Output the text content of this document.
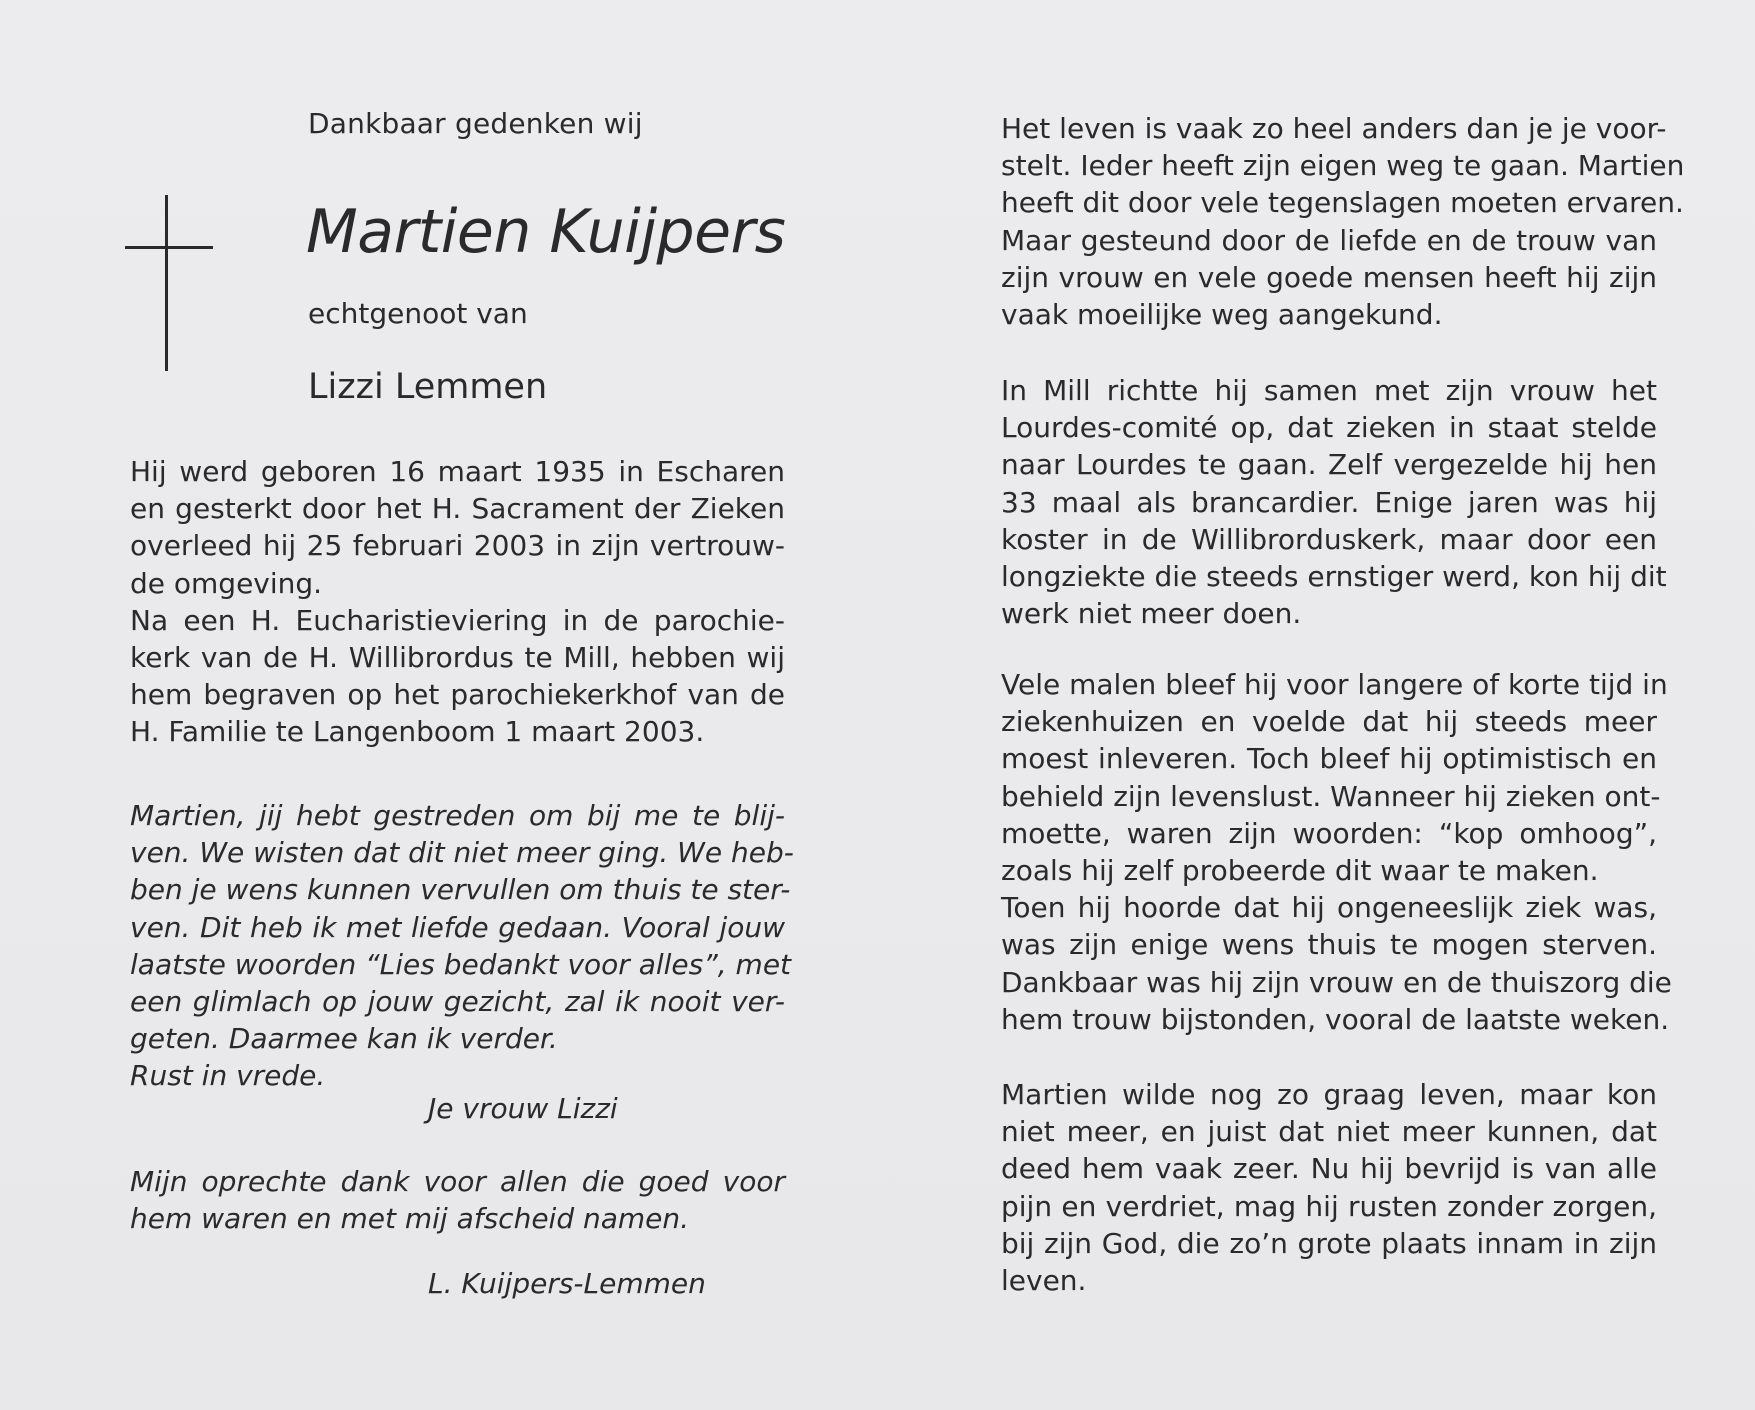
Dankbaar gedenken wij
Martien Kuijpers
echtgenoot van
Lizzi Lemmen
Hij werd geboren 16 maart 1935 in Escharen
en gesterkt door het H. Sacrament der Zieken
overleed hij 25 februari 2003 in zijn vertrouw-
de omgeving.
Na een H. Eucharistieviering in de parochie-
kerk van de H. Willibrordus te Mill, hebben wij
hem begraven op het parochiekerkhof van de
H. Familie te Langenboom 1 maart 2003.
Martien, jij hebt gestreden om bij me te blij-
ven. We wisten dat dit niet meer ging. We heb-
ben je wens kunnen vervullen om thuis te ster-
ven. Dit heb ik met liefde gedaan. Vooral jouw
laatste woorden “Lies bedankt voor alles”, met
een glimlach op jouw gezicht, zal ik nooit ver-
geten. Daarmee kan ik verder.
Rust in vrede.
Je vrouw Lizzi
Mijn oprechte dank voor allen die goed voor
hem waren en met mij afscheid namen.
L. Kuijpers-Lemmen
Het leven is vaak zo heel anders dan je je voor-
stelt. Ieder heeft zijn eigen weg te gaan. Martien
heeft dit door vele tegenslagen moeten ervaren.
Maar gesteund door de liefde en de trouw van
zijn vrouw en vele goede mensen heeft hij zijn
vaak moeilijke weg aangekund.
In Mill richtte hij samen met zijn vrouw het
Lourdes-comité op, dat zieken in staat stelde
naar Lourdes te gaan. Zelf vergezelde hij hen
33 maal als brancardier. Enige jaren was hij
koster in de Willibrorduskerk, maar door een
longziekte die steeds ernstiger werd, kon hij dit
werk niet meer doen.
Vele malen bleef hij voor langere of korte tijd in
ziekenhuizen en voelde dat hij steeds meer
moest inleveren. Toch bleef hij optimistisch en
behield zijn levenslust. Wanneer hij zieken ont-
moette, waren zijn woorden: “kop omhoog”,
zoals hij zelf probeerde dit waar te maken.
Toen hij hoorde dat hij ongeneeslijk ziek was,
was zijn enige wens thuis te mogen sterven.
Dankbaar was hij zijn vrouw en de thuiszorg die
hem trouw bijstonden, vooral de laatste weken.
Martien wilde nog zo graag leven, maar kon
niet meer, en juist dat niet meer kunnen, dat
deed hem vaak zeer. Nu hij bevrijd is van alle
pijn en verdriet, mag hij rusten zonder zorgen,
bij zijn God, die zo’n grote plaats innam in zijn
leven.
